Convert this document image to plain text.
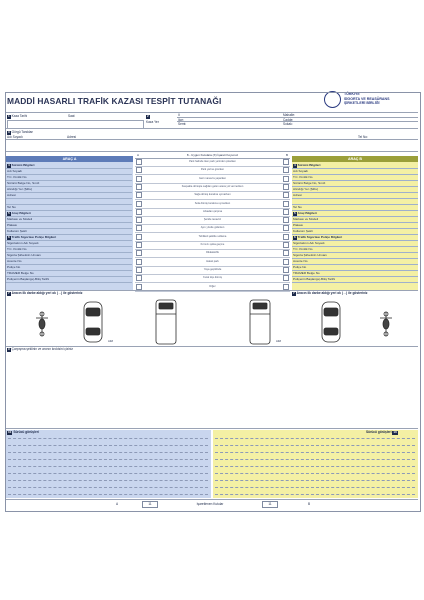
MADDİ HASARLI TRAFİK KAZASI TESPİT TUTANAĞI
TÜRKİYE
SİGORTA VE REASÜRANS
ŞİRKETLERİ BİRLİĞİ
1 Kaza Tarihi	Saat	2
Kaza Yeri
İl:
İlçe:
Semt:
Mahalle:
Cadde:
Sokak:
3 Görgü Tanıkları
Adı Soyadı	Adresi	Tel No:
ARAÇ A	ARAÇ B
4 Sürücü Bilgileri
Adı Soyadı
T.C. Kimlik No
Sürücü Belge No, Sınıfı
Alındığı Yer (Şifre)
Adresi
Tel No
5 Araç Bilgileri
Markası ve Modeli
Plakası
Kullanım Şekli
6 Trafik Sigortası Poliçe Bilgileri
Sigortalının Adı Soyadı
T.C. Kimlik No
Sigorta Şirketinin Unvanı
Acente No
Poliçe No
TRAMER Belge No
Poliçenin Başlangıç-Bitiş Tarihi
4 Sürücü Bilgileri
Adı Soyadı
T.C. Kimlik No
Sürücü Belge No, Sınıfı
Alındığı Yer (Şifre)
Adresi
Tel No
5 Araç Bilgileri
Markası ve Modeli
Plakası
Kullanım Şekli
6 Trafik Sigortası Poliçe Bilgileri
Sigortalının Adı Soyadı
T.C. Kimlik No
Sigorta Şirketinin Unvanı
Acente No
Poliçe No
TRAMER Belge No
Poliçenin Başlangıç-Bitiş Tarihi
A	8 - Uygun Kutulara (X) İşareti Koyunuz	B
Park halinde iken park yerinden çıkarken
Park yerine girerken
Geri manevra yaparken
Kavşakta dönüşte sağdan gelen araca yol vermezken
Sağa dönüş kuralına uymazken
Sola dönüş kuralına uymazken
Arkadan çarpma
Şeride tecavüz
Aynı yönde giderken
Tehlikeli şekilde sollama
Kırmızı ışıkta geçme
Dikkatsizlik
Hatalı park
Yaya geçidinde
Kural dışı dönüş
Diğer
7 Aracın ilk darbe aldığı yeri ok (→) ile gösteriniz	7 Aracın ilk darbe aldığı yeri ok (→) ile gösteriniz
ARA	ARA
9 Çarpışma şeklinin ve anının krokisini çiziniz
10 Sürücü görüşleri	Sürücü görüşleri 10
A	11	İşaretlenen Kutular	11	B
